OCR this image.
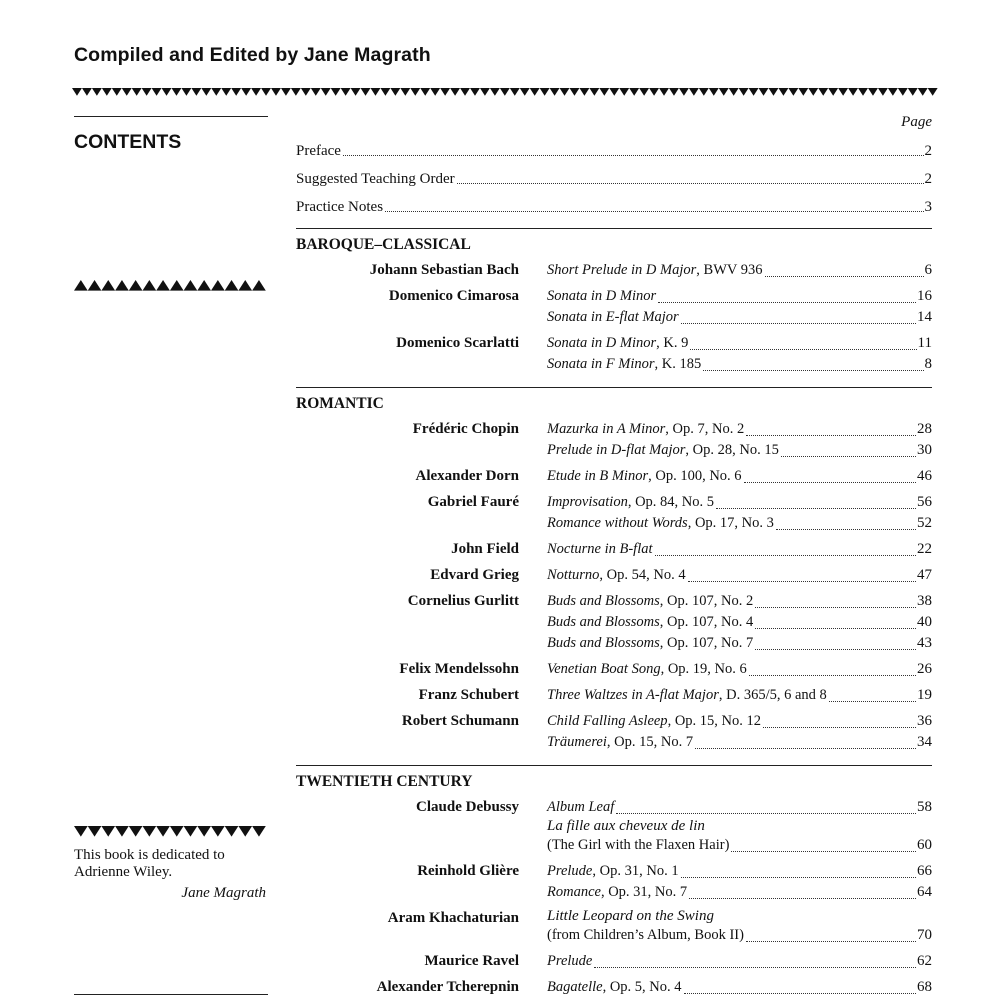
Compiled and Edited by Jane Magrath
CONTENTS
This book is dedicated to
Adrienne Wiley.
Jane Magrath
Page
Preface	2
Suggested Teaching Order	2
Practice Notes	3
BAROQUE–CLASSICAL
Johann Sebastian Bach	Short Prelude in D Major, BWV 936	6
Domenico Cimarosa	Sonata in D Minor	16
Sonata in E-flat Major	14
Domenico Scarlatti	Sonata in D Minor, K. 9	11
Sonata in F Minor, K. 185	8
ROMANTIC
Frédéric Chopin	Mazurka in A Minor, Op. 7, No. 2	28
Prelude in D-flat Major, Op. 28, No. 15	30
Alexander Dorn	Etude in B Minor, Op. 100, No. 6	46
Gabriel Fauré	Improvisation, Op. 84, No. 5	56
Romance without Words, Op. 17, No. 3	52
John Field	Nocturne in B-flat	22
Edvard Grieg	Notturno, Op. 54, No. 4	47
Cornelius Gurlitt	Buds and Blossoms, Op. 107, No. 2	38
Buds and Blossoms, Op. 107, No. 4	40
Buds and Blossoms, Op. 107, No. 7	43
Felix Mendelssohn	Venetian Boat Song, Op. 19, No. 6	26
Franz Schubert	Three Waltzes in A-flat Major, D. 365/5, 6 and 8	19
Robert Schumann	Child Falling Asleep, Op. 15, No. 12	36
Träumerei, Op. 15, No. 7	34
TWENTIETH CENTURY
Claude Debussy	Album Leaf	58
La fille aux cheveux de lin
(The Girl with the Flaxen Hair)	60
Reinhold Glière	Prelude, Op. 31, No. 1	66
Romance, Op. 31, No. 7	64
Aram Khachaturian	Little Leopard on the Swing
(from Children’s Album, Book II)	70
Maurice Ravel	Prelude	62
Alexander Tcherepnin	Bagatelle, Op. 5, No. 4	68
